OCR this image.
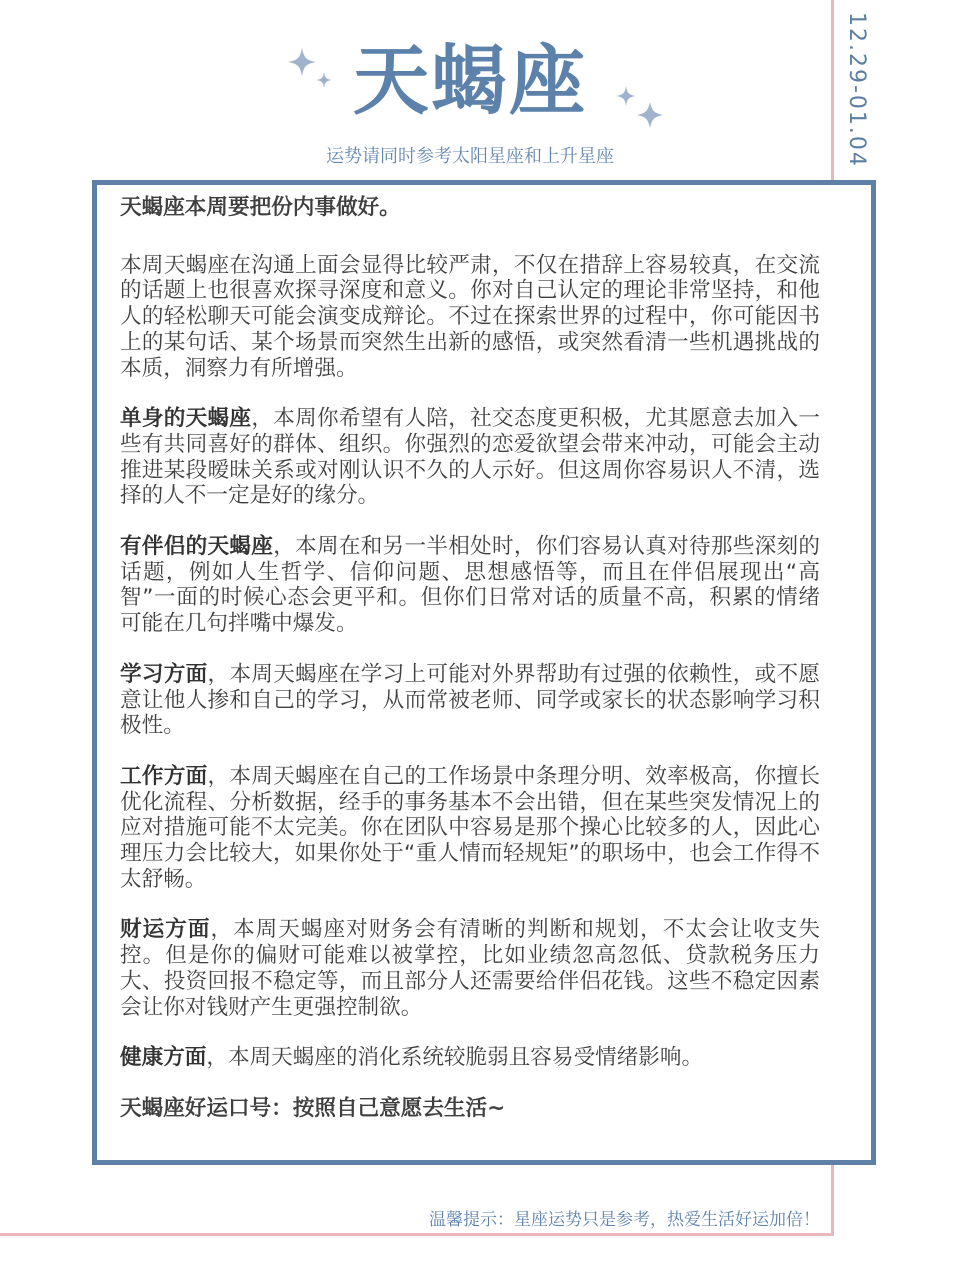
12.29-01.04
天蝎座
运势请同时参考太阳星座和上升星座

天蝎座本周要把份内事做好。

本周天蝎座在沟通上面会显得比较严肃，不仅在措辞上容易较真，在交流的话题上也很喜欢探寻深度和意义。你对自己认定的理论非常坚持，和他人的轻松聊天可能会演变成辩论。不过在探索世界的过程中，你可能因书上的某句话、某个场景而突然生出新的感悟，或突然看清一些机遇挑战的本质，洞察力有所增强。

单身的天蝎座，本周你希望有人陪，社交态度更积极，尤其愿意去加入一些有共同喜好的群体、组织。你强烈的恋爱欲望会带来冲动，可能会主动推进某段暧昧关系或对刚认识不久的人示好。但这周你容易识人不清，选择的人不一定是好的缘分。

有伴侣的天蝎座，本周在和另一半相处时，你们容易认真对待那些深刻的话题，例如人生哲学、信仰问题、思想感悟等，而且在伴侣展现出“高智”一面的时候心态会更平和。但你们日常对话的质量不高，积累的情绪可能在几句拌嘴中爆发。

学习方面，本周天蝎座在学习上可能对外界帮助有过强的依赖性，或不愿意让他人掺和自己的学习，从而常被老师、同学或家长的状态影响学习积极性。

工作方面，本周天蝎座在自己的工作场景中条理分明、效率极高，你擅长优化流程、分析数据，经手的事务基本不会出错，但在某些突发情况上的应对措施可能不太完美。你在团队中容易是那个操心比较多的人，因此心理压力会比较大，如果你处于“重人情而轻规矩”的职场中，也会工作得不太舒畅。

财运方面，本周天蝎座对财务会有清晰的判断和规划，不太会让收支失控。但是你的偏财可能难以被掌控，比如业绩忽高忽低、贷款税务压力大、投资回报不稳定等，而且部分人还需要给伴侣花钱。这些不稳定因素会让你对钱财产生更强控制欲。

健康方面，本周天蝎座的消化系统较脆弱且容易受情绪影响。

天蝎座好运口号：按照自己意愿去生活~

温馨提示：星座运势只是参考，热爱生活好运加倍！
